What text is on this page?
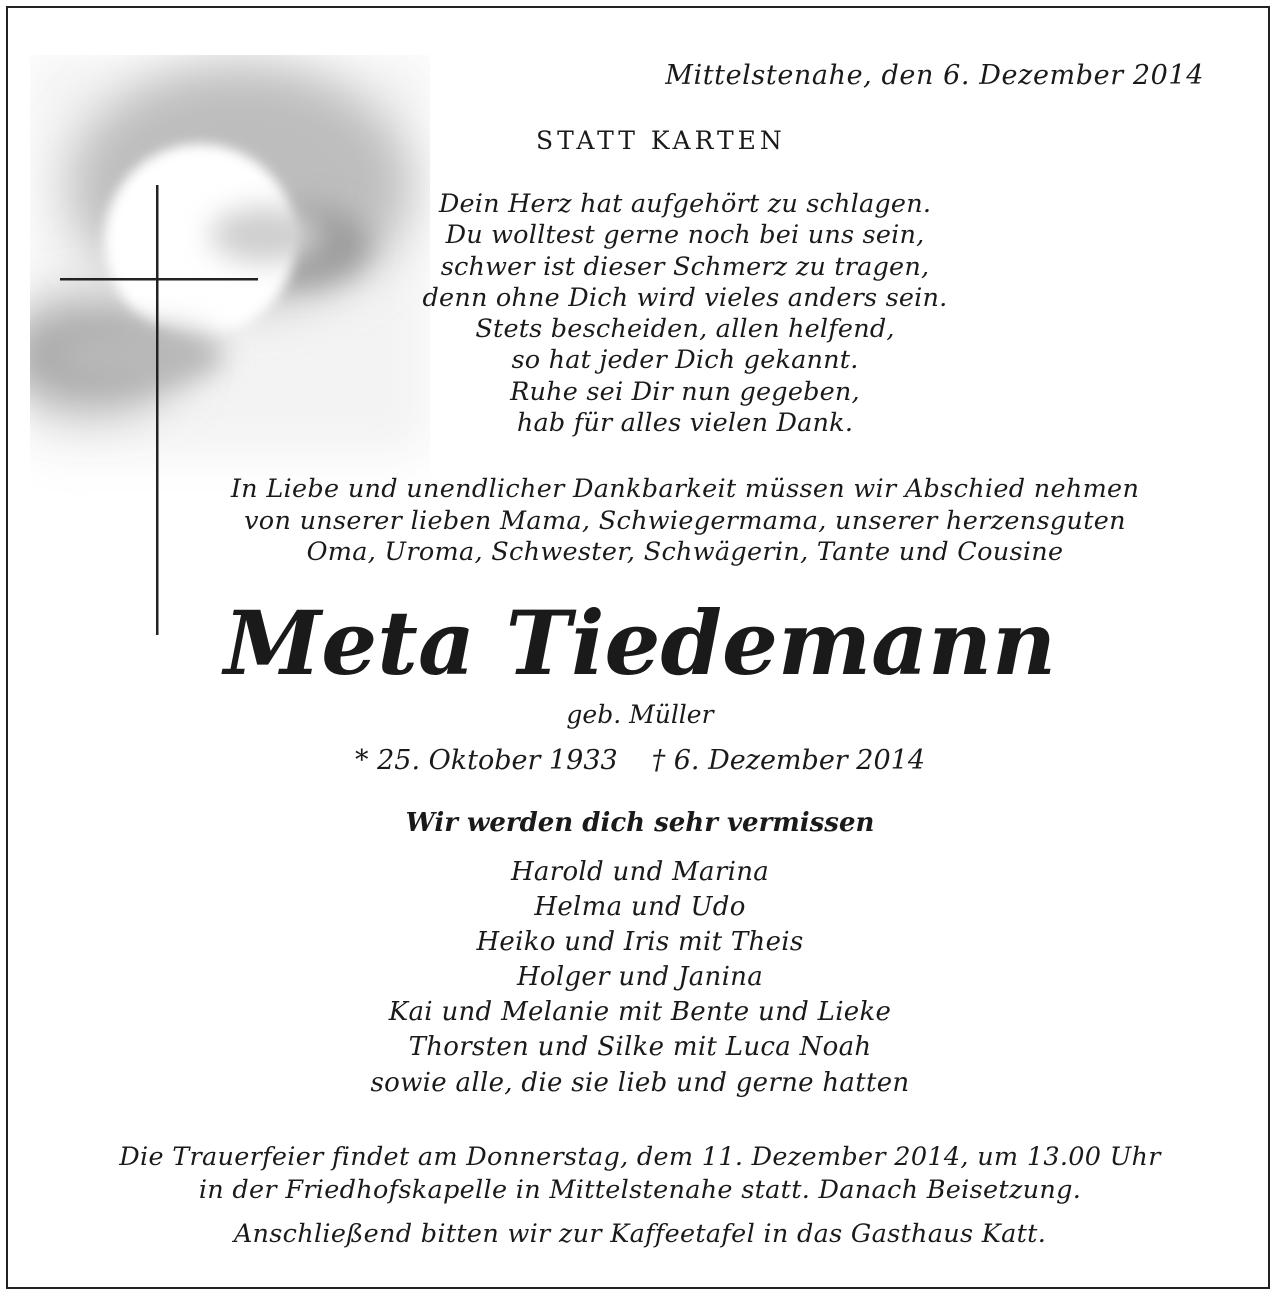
Mittelstenahe, den 6. Dezember 2014
STATT KARTEN
Dein Herz hat aufgehört zu schlagen.
Du wolltest gerne noch bei uns sein,
schwer ist dieser Schmerz zu tragen,
denn ohne Dich wird vieles anders sein.
Stets bescheiden, allen helfend,
so hat jeder Dich gekannt.
Ruhe sei Dir nun gegeben,
hab für alles vielen Dank.
In Liebe und unendlicher Dankbarkeit müssen wir Abschied nehmen
von unserer lieben Mama, Schwiegermama, unserer herzensguten
Oma, Uroma, Schwester, Schwägerin, Tante und Cousine
Meta Tiedemann

geb. Müller

* 25. Oktober 1933 † 6. Dezember 2014

Wir werden dich sehr vermissen

Harold und Marina
Helma und Udo
Heiko und Iris mit Theis
Holger und Janina
Kai und Melanie mit Bente und Lieke
Thorsten und Silke mit Luca Noah
sowie alle, die sie lieb und gerne hatten
Die Trauerfeier findet am Donnerstag, dem 11. Dezember 2014, um 13.00 Uhr
in der Friedhofskapelle in Mittelstenahe statt. Danach Beisetzung.

Anschließend bitten wir zur Kaffeetafel in das Gasthaus Katt.
